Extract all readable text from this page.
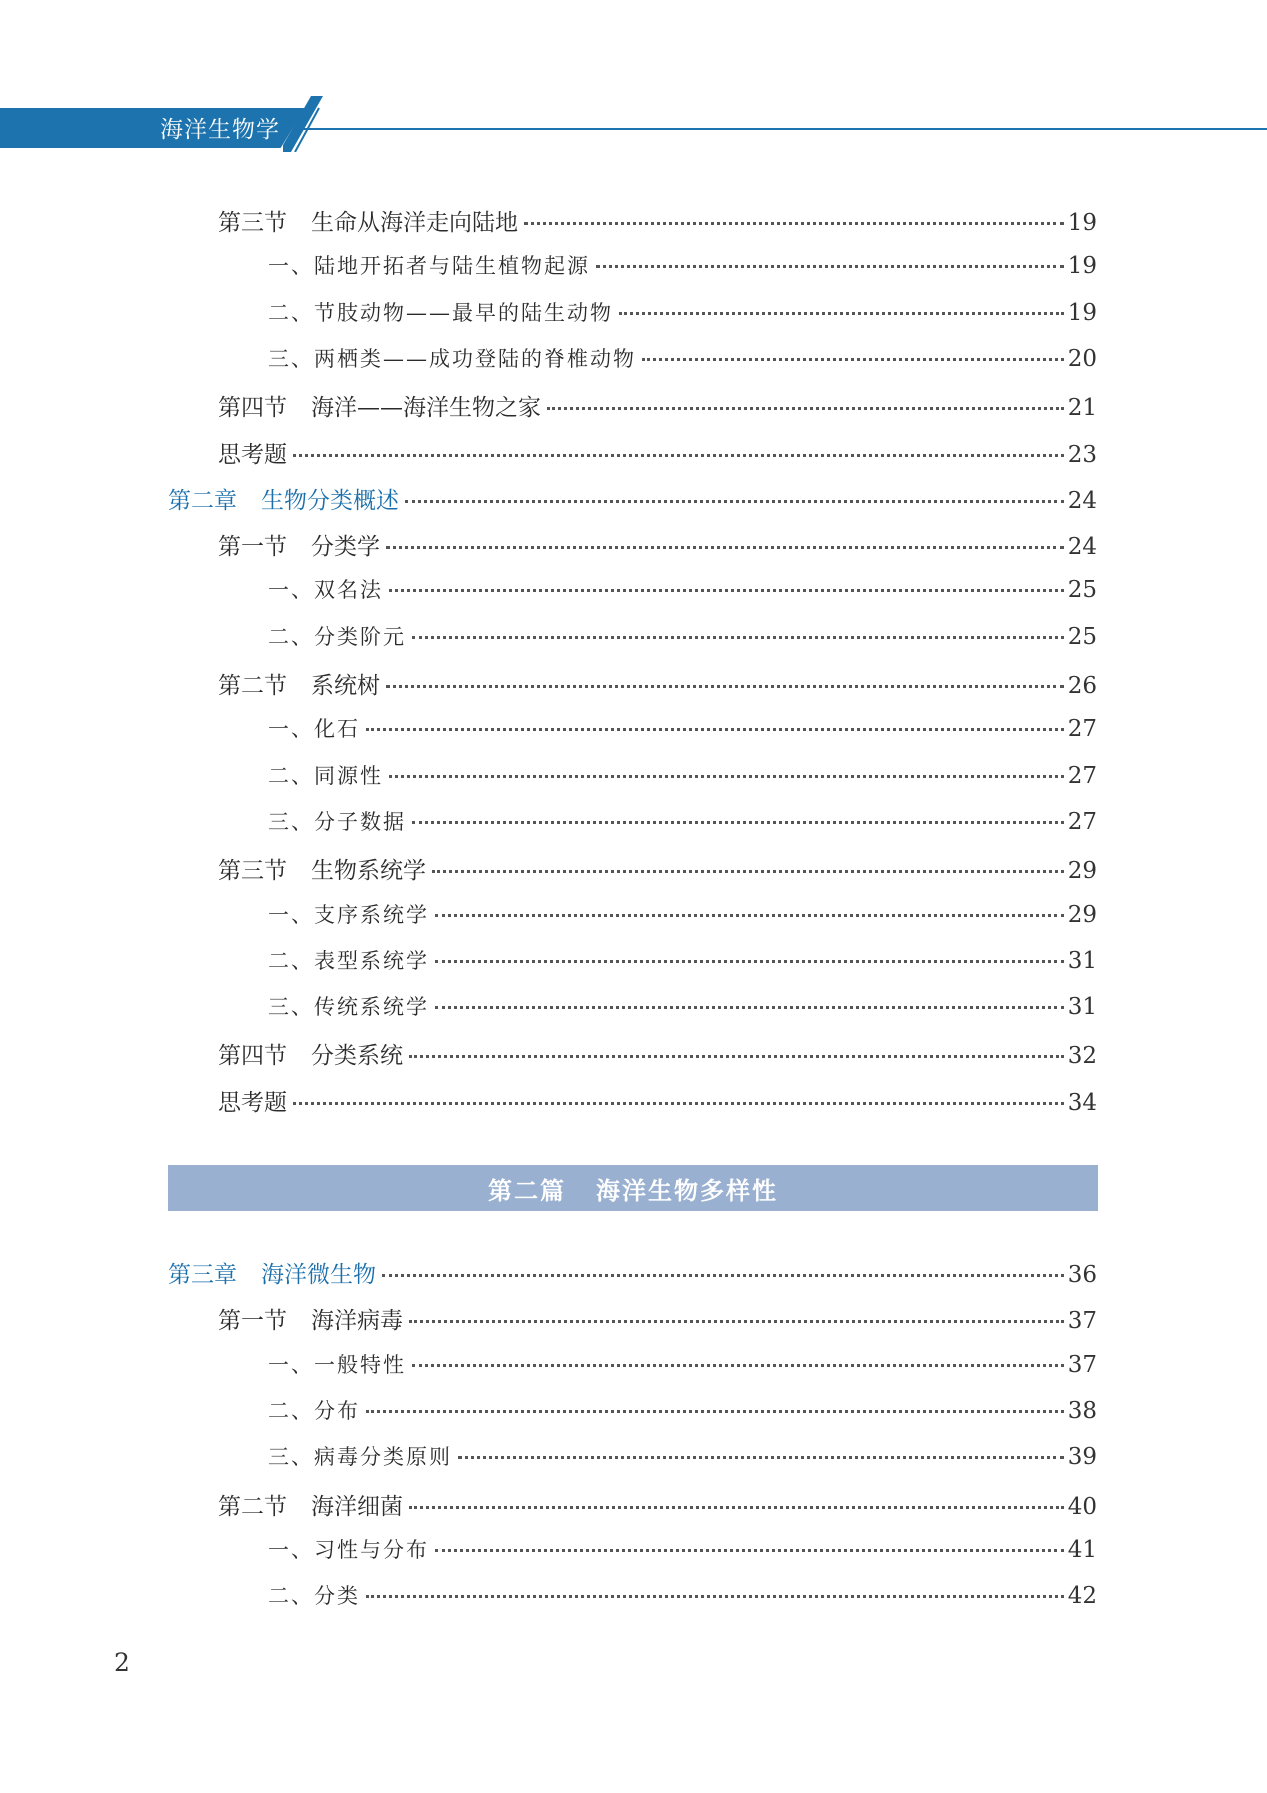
海洋生物学
第三节 生命从海洋走向陆地	19
一、陆地开拓者与陆生植物起源	19
二、节肢动物——最早的陆生动物	19
三、两栖类——成功登陆的脊椎动物	20
第四节 海洋——海洋生物之家	21
思考题	23
第二章 生物分类概述	24
第一节 分类学	24
一、双名法	25
二、分类阶元	25
第二节 系统树	26
一、化石	27
二、同源性	27
三、分子数据	27
第三节 生物系统学	29
一、支序系统学	29
二、表型系统学	31
三、传统系统学	31
第四节 分类系统	32
思考题	34
第三章 海洋微生物	36
第一节 海洋病毒	37
一、一般特性	37
二、分布	38
三、病毒分类原则	39
第二节 海洋细菌	40
一、习性与分布	41
二、分类	42
第二篇 海洋生物多样性
2
